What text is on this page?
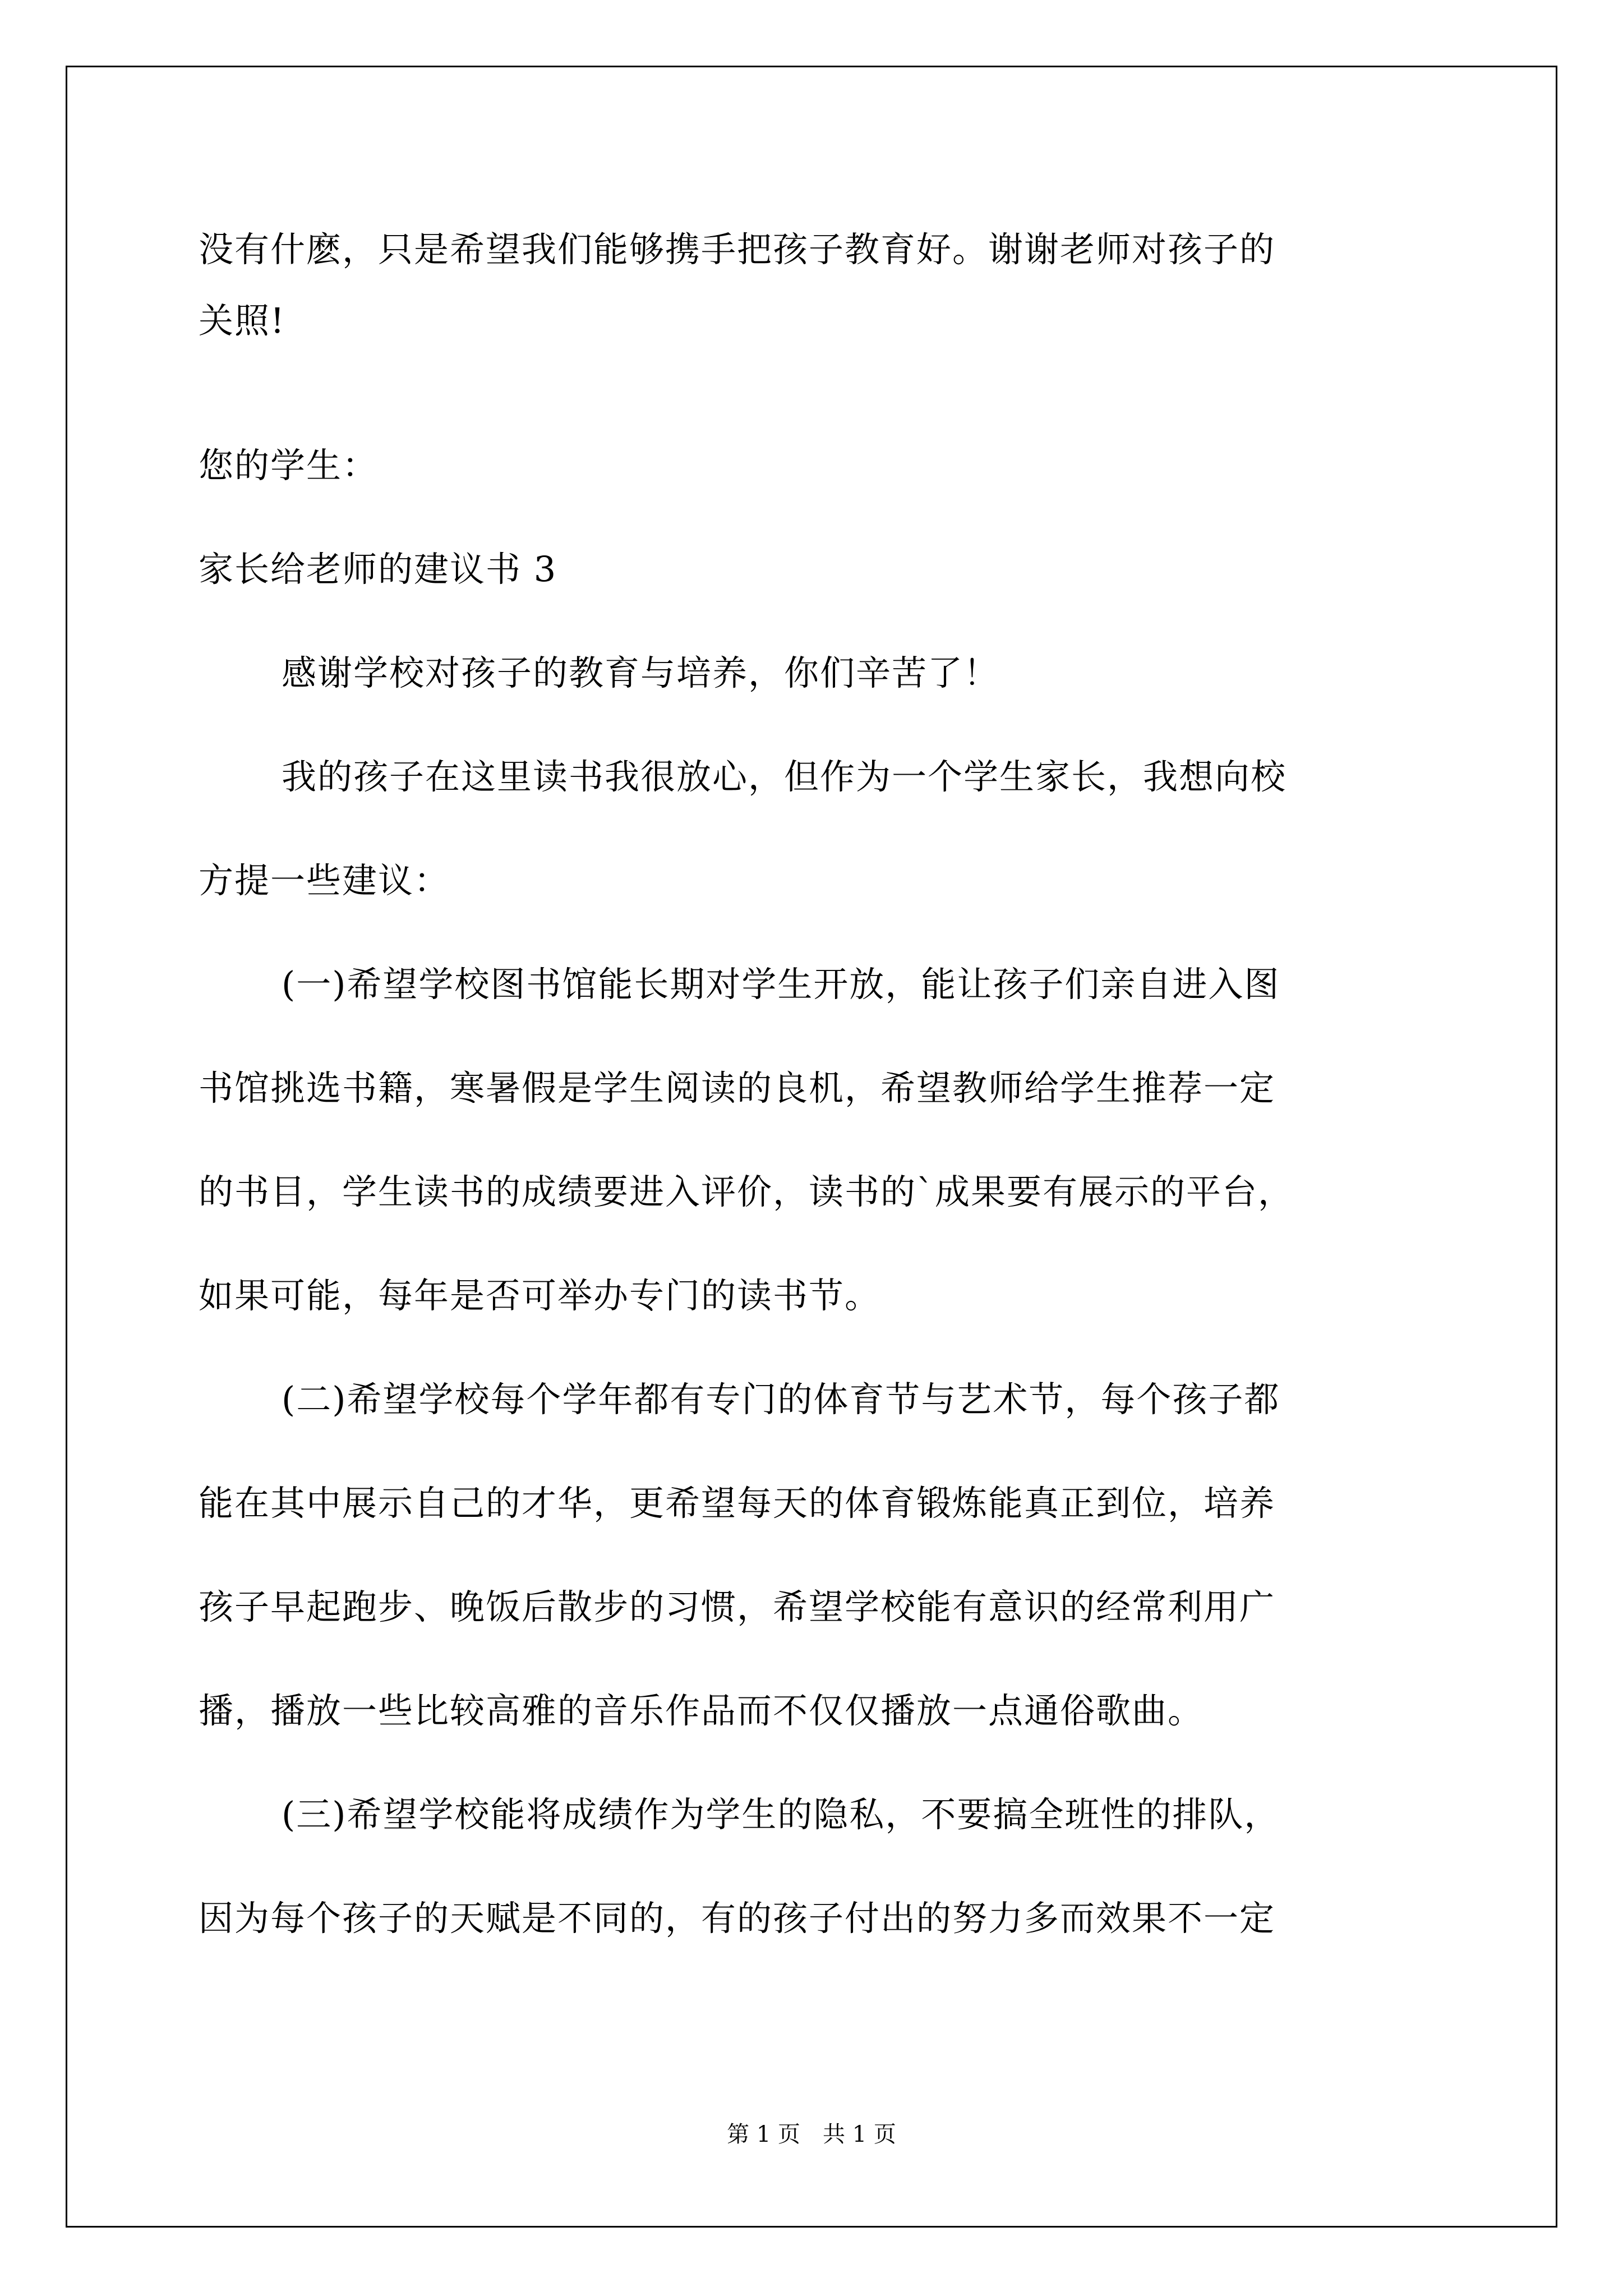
没有什麽，只是希望我们能够携手把孩子教育好。谢谢老师对孩子的
关照!
您的学生：
家长给老师的建议书 3
感谢学校对孩子的教育与培养，你们辛苦了！
我的孩子在这里读书我很放心，但作为一个学生家长，我想向校
方提一些建议：
(一)希望学校图书馆能长期对学生开放，能让孩子们亲自进入图
书馆挑选书籍，寒暑假是学生阅读的良机，希望教师给学生推荐一定
的书目，学生读书的成绩要进入评价，读书的`成果要有展示的平台，
如果可能，每年是否可举办专门的读书节。
(二)希望学校每个学年都有专门的体育节与艺术节，每个孩子都
能在其中展示自己的才华，更希望每天的体育锻炼能真正到位，培养
孩子早起跑步、晚饭后散步的习惯，希望学校能有意识的经常利用广
播，播放一些比较高雅的音乐作品而不仅仅播放一点通俗歌曲。
(三)希望学校能将成绩作为学生的隐私，不要搞全班性的排队，
因为每个孩子的天赋是不同的，有的孩子付出的努力多而效果不一定
第 1 页　共 1 页
